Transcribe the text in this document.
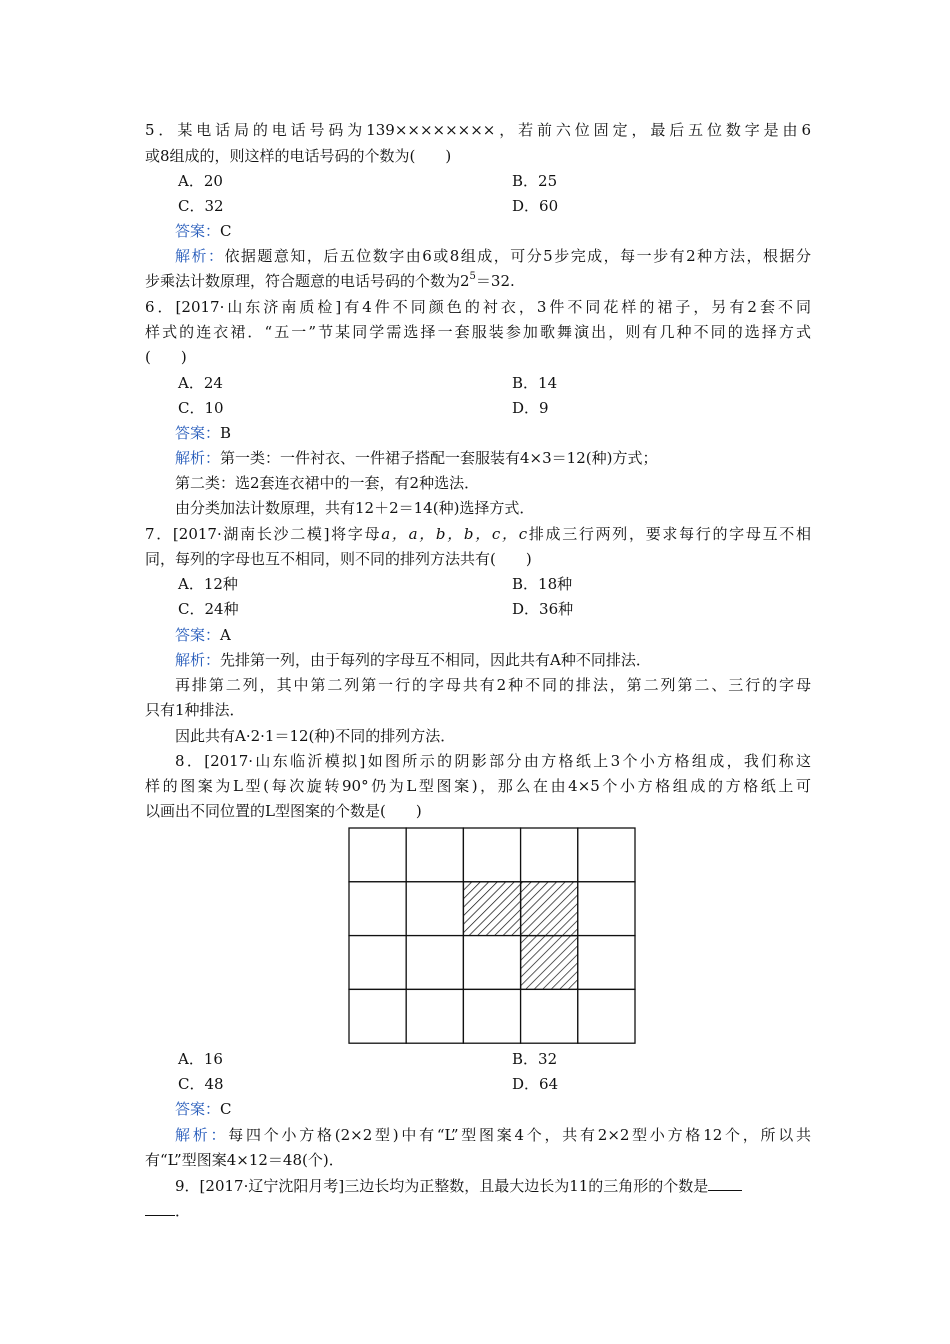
5．某电话局的电话号码为139××××××××，若前六位固定，最后五位数字是由6
或8组成的，则这样的电话号码的个数为(　　)
A．20	B．25
C．32	D．60
答案：C
解析：依据题意知，后五位数字由6或8组成，可分5步完成，每一步有2种方法，根据分
步乘法计数原理，符合题意的电话号码的个数为$2^5=32$.
6．[2017·山东济南质检]有4件不同颜色的衬衣，3件不同花样的裙子，另有2套不同
样式的连衣裙．“五一”节某同学需选择一套服装参加歌舞演出，则有几种不同的选择方式
(　　)
A．24	B．14
C．10	D．9
答案：B
解析：第一类：一件衬衣、一件裙子搭配一套服装有4×3＝12(种)方式；
第二类：选2套连衣裙中的一套，有2种选法．
由分类加法计数原理，共有12＋2＝14(种)选择方式．
7．[2017·湖南长沙二模]将字母a，a，b，b，c，c排成三行两列，要求每行的字母互不相
同，每列的字母也互不相同，则不同的排列方法共有(　　)
A．12种	B．18种
C．24种	D．36种
答案：A
解析：先排第一列，由于每列的字母互不相同，因此共有A种不同排法．
再排第二列，其中第二列第一行的字母共有2种不同的排法，第二列第二、三行的字母
只有1种排法．
因此共有A·2·1＝12(种)不同的排列方法．
8．[2017·山东临沂模拟]如图所示的阴影部分由方格纸上3个小方格组成，我们称这
样的图案为L型(每次旋转90°仍为L型图案)，那么在由4×5个小方格组成的方格纸上可
以画出不同位置的L型图案的个数是(　　)
A．16	B．32
C．48	D．64
答案：C
解析：每四个小方格(2×2型)中有“L”型图案4个，共有2×2型小方格12个，所以共
有“L”型图案4×12＝48(个)．
9．[2017·辽宁沈阳月考]三边长均为正整数，且最大边长为11的三角形的个数是
．
